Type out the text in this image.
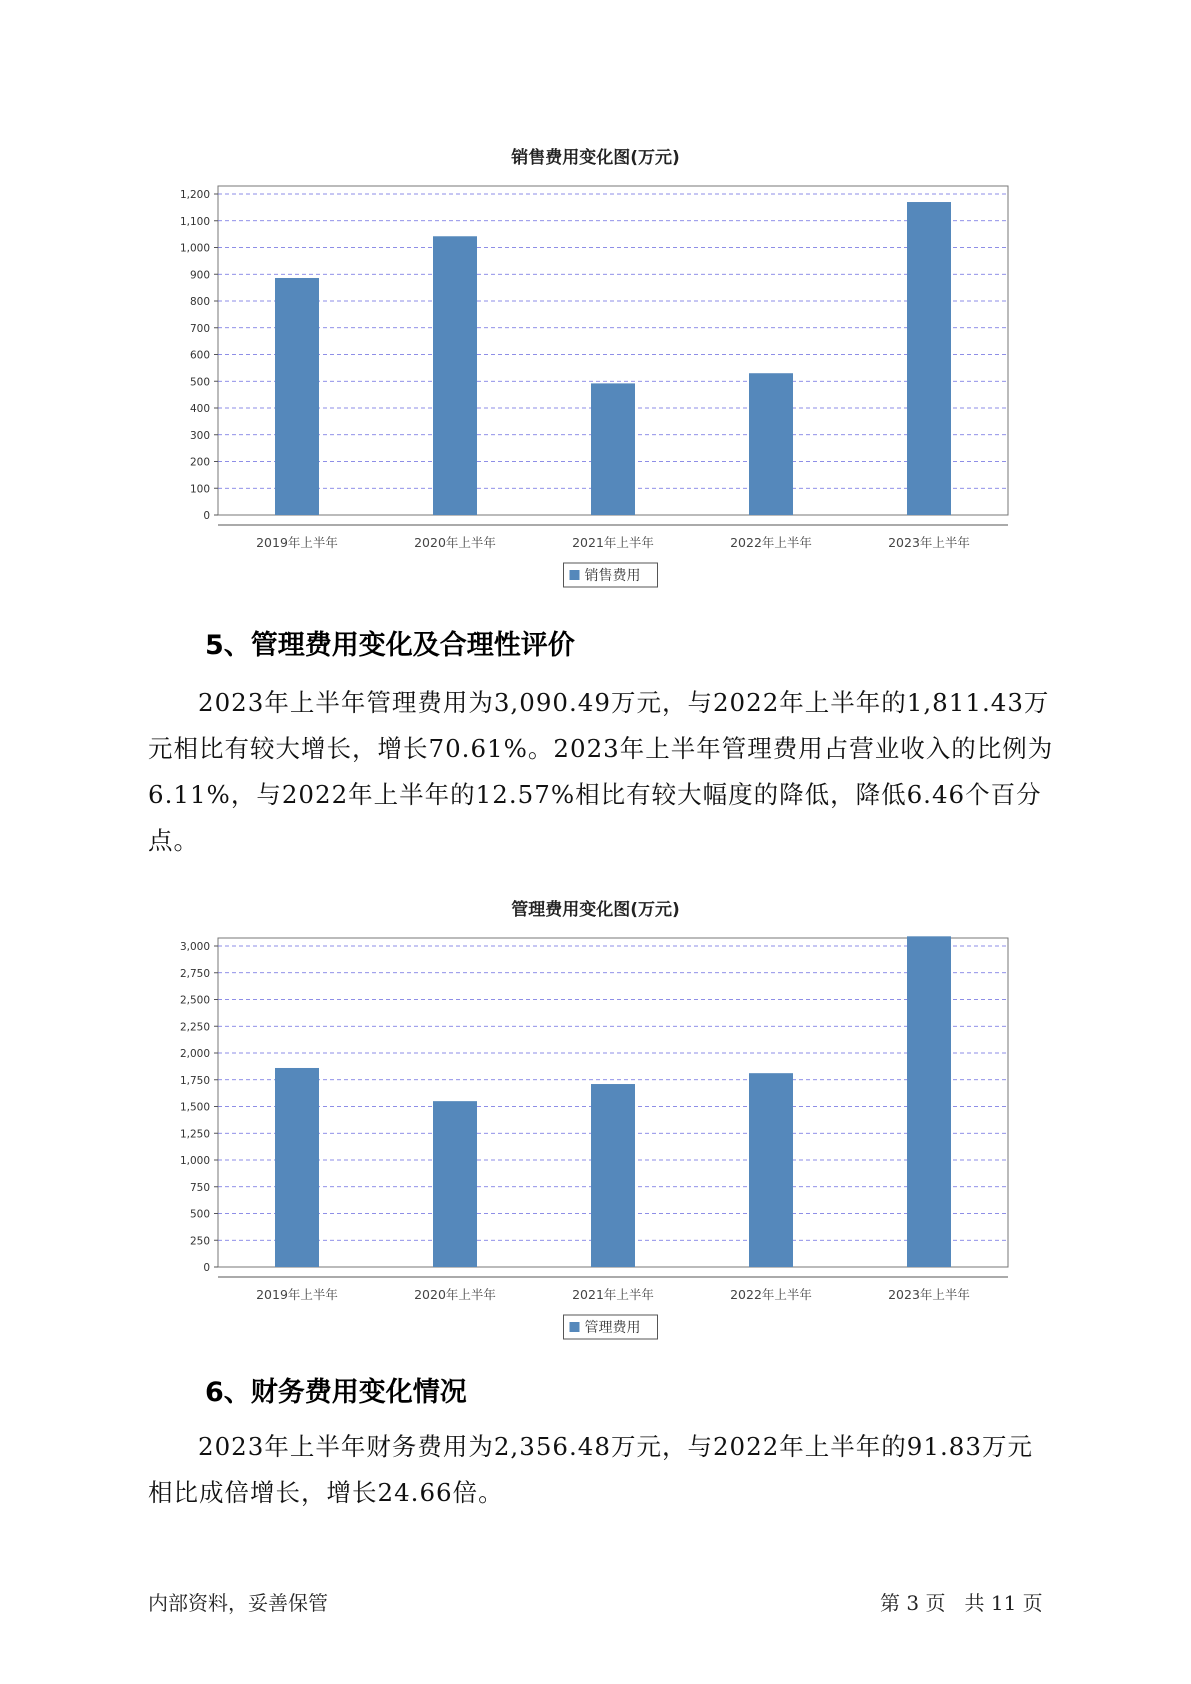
销售费用变化图(万元)
0
100
200
300
400
500
600
700
800
900
1,000
1,100
1,200
2019年上半年	2020年上半年	2021年上半年	2022年上半年	2023年上半年
销售费用
5、管理费用变化及合理性评价

2023年上半年管理费用为3,090.49万元，与2022年上半年的1,811.43万元相比有较大增长，增长70.61%。2023年上半年管理费用占营业收入的比例为6.11%，与2022年上半年的12.57%相比有较大幅度的降低，降低6.46个百分点。

管理费用变化图(万元)
0
250
500
750
1,000
1,250
1,500
1,750
2,000
2,250
2,500
2,750
3,000
2019年上半年	2020年上半年	2021年上半年	2022年上半年	2023年上半年
管理费用
6、财务费用变化情况

2023年上半年财务费用为2,356.48万元，与2022年上半年的91.83万元相比成倍增长，增长24.66倍。

内部资料，妥善保管	第 3 页   共 11 页
